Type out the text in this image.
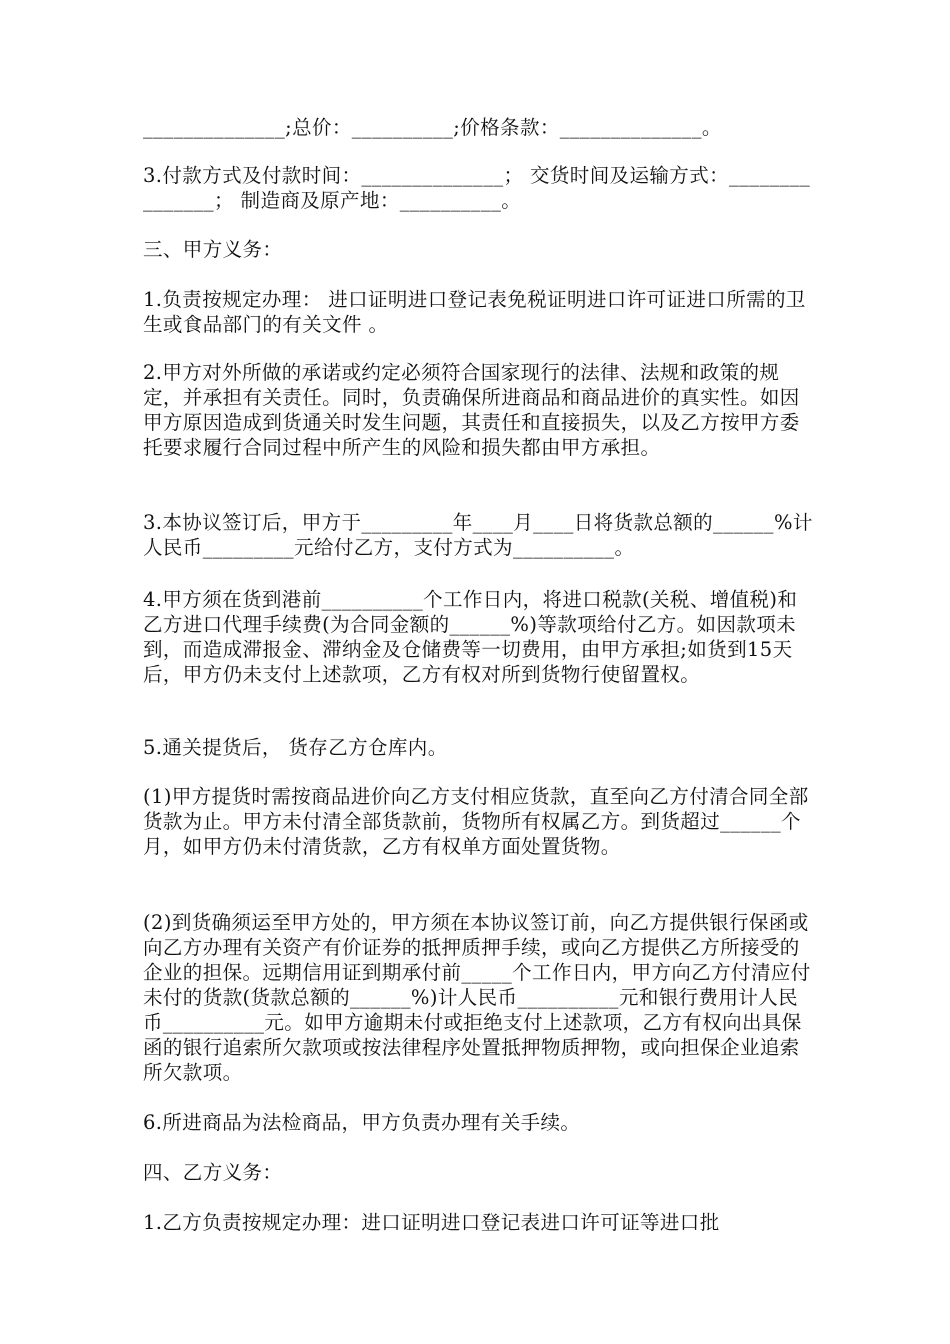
______________;总价：__________;价格条款：______________。

3.付款方式及付款时间：______________； 交货时间及运输方式：_______________； 制造商及原产地：__________。

三、甲方义务：

1.负责按规定办理： 进口证明进口登记表免税证明进口许可证进口所需的卫生或食品部门的有关文件 。

2.甲方对外所做的承诺或约定必须符合国家现行的法律、法规和政策的规定，并承担有关责任。同时，负责确保所进商品和商品进价的真实性。如因甲方原因造成到货通关时发生问题，其责任和直接损失，以及乙方按甲方委托要求履行合同过程中所产生的风险和损失都由甲方承担。

3.本协议签订后，甲方于_________年____月____日将货款总额的______%计人民币_________元给付乙方，支付方式为__________。

4.甲方须在货到港前__________个工作日内，将进口税款(关税、增值税)和乙方进口代理手续费(为合同金额的______%)等款项给付乙方。如因款项未到，而造成滞报金、滞纳金及仓储费等一切费用，由甲方承担;如货到15天后，甲方仍未支付上述款项，乙方有权对所到货物行使留置权。

5.通关提货后， 货存乙方仓库内。

(1)甲方提货时需按商品进价向乙方支付相应货款，直至向乙方付清合同全部货款为止。甲方未付清全部货款前，货物所有权属乙方。到货超过______个月，如甲方仍未付清货款，乙方有权单方面处置货物。

(2)到货确须运至甲方处的，甲方须在本协议签订前，向乙方提供银行保函或向乙方办理有关资产有价证券的抵押质押手续，或向乙方提供乙方所接受的企业的担保。远期信用证到期承付前_____个工作日内，甲方向乙方付清应付未付的货款(货款总额的______%)计人民币__________元和银行费用计人民币__________元。如甲方逾期未付或拒绝支付上述款项，乙方有权向出具保函的银行追索所欠款项或按法律程序处置抵押物质押物，或向担保企业追索所欠款项。

6.所进商品为法检商品，甲方负责办理有关手续。

四、乙方义务：

1.乙方负责按规定办理：进口证明进口登记表进口许可证等进口批
